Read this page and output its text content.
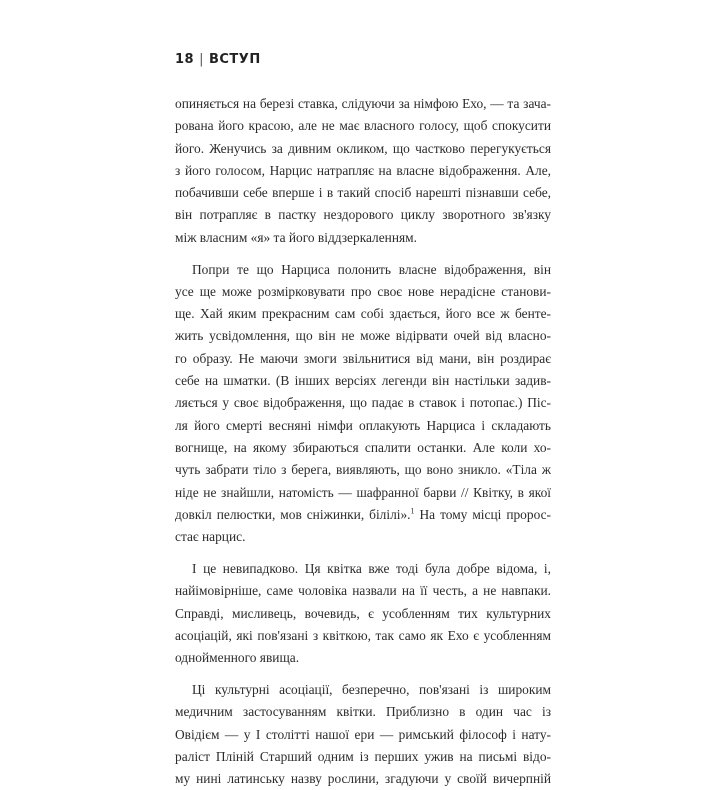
18 | ВСТУП

опиняється на березі ставка, слідуючи за німфою Ехо, — та зача-
рована його красою, але не має власного голосу, щоб спокусити
його. Женучись за дивним окликом, що частково перегукується
з його голосом, Нарцис натрапляє на власне відображення. Але,
побачивши себе вперше і в такий спосіб нарешті пізнавши себе,
він потрапляє в пастку нездорового циклу зворотного зв'язку
між власним «я» та його віддзеркаленням.

Попри те що Нарциса полонить власне відображення, він
усе ще може розмірковувати про своє нове нерадісне станови-
ще. Хай яким прекрасним сам собі здається, його все ж бенте-
жить усвідомлення, що він не може відірвати очей від власно-
го образу. Не маючи змоги звільнитися від мани, він роздирає
себе на шматки. (В інших версіях легенди він настільки задив-
ляється у своє відображення, що падає в ставок і потопає.) Піс-
ля його смерті весняні німфи оплакують Нарциса і складають
вогнище, на якому збираються спалити останки. Але коли хо-
чуть забрати тіло з берега, виявляють, що воно зникло. «Тіла ж
ніде не знайшли, натомість — шафранної барви // Квітку, в якої
довкіл пелюстки, мов сніжинки, білілі».$^1$ На тому місці пророс-
стає нарцис.

І це невипадково. Ця квітка вже тоді була добре відома, і,
найімовірніше, саме чоловіка назвали на її честь, а не навпаки.
Справді, мисливець, вочевидь, є усобленням тих культурних
асоціацій, які пов'язані з квіткою, так само як Ехо є усобленням
однойменного явища.

Ці культурні асоціації, безперечно, пов'язані із широким
медичним застосуванням квітки. Приблизно в один час із
Овідієм — у І столітті нашої ери — римський філософ і нату-
раліст Пліній Старший одним із перших ужив на письмі відо-
му нині латинську назву рослини, згадуючи у своїй вичерпній
